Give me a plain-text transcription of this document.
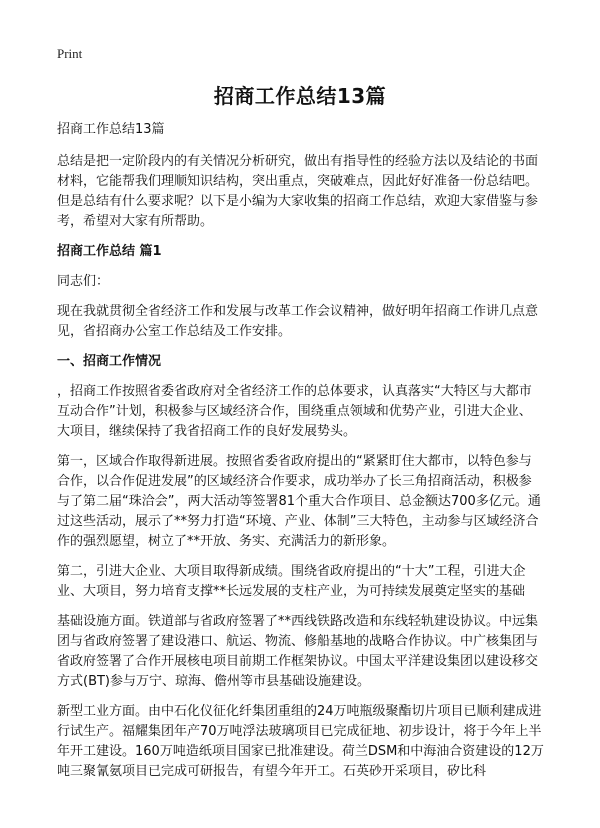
Print
招商工作总结13篇

招商工作总结13篇

总结是把一定阶段内的有关情况分析研究，做出有指导性的经验方法以及结论的书面材料，它能帮我们理顺知识结构，突出重点，突破难点，因此好好准备一份总结吧。但是总结有什么要求呢？以下是小编为大家收集的招商工作总结，欢迎大家借鉴与参考，希望对大家有所帮助。

招商工作总结 篇1

同志们：

现在我就贯彻全省经济工作和发展与改革工作会议精神，做好明年招商工作讲几点意见，省招商办公室工作总结及工作安排。

一、招商工作情况

，招商工作按照省委省政府对全省经济工作的总体要求，认真落实“大特区与大都市互动合作”计划，积极参与区域经济合作，围绕重点领域和优势产业，引进大企业、大项目，继续保持了我省招商工作的良好发展势头。

第一，区域合作取得新进展。按照省委省政府提出的“紧紧盯住大都市，以特色参与合作，以合作促进发展”的区域经济合作要求，成功举办了长三角招商活动，积极参与了第二届“珠洽会”，两大活动等签署81个重大合作项目、总金额达700多亿元。通过这些活动，展示了**努力打造“环境、产业、体制”三大特色，主动参与区域经济合作的强烈愿望，树立了**开放、务实、充满活力的新形象。

第二，引进大企业、大项目取得新成绩。围绕省政府提出的“十大”工程，引进大企业、大项目，努力培育支撑**长远发展的支柱产业，为可持续发展奠定坚实的基础

基础设施方面。铁道部与省政府签署了**西线铁路改造和东线轻轨建设协议。中远集团与省政府签署了建设港口、航运、物流、修船基地的战略合作协议。中广核集团与省政府签署了合作开展核电项目前期工作框架协议。中国太平洋建设集团以建设移交方式(BT)参与万宁、琼海、儋州等市县基础设施建设。

新型工业方面。由中石化仪征化纤集团重组的24万吨瓶级聚酯切片项目已顺利建成进行试生产。福耀集团年产70万吨浮法玻璃项目已完成征地、初步设计，将于今年上半年开工建设。160万吨造纸项目国家已批准建设。荷兰DSM和中海油合资建设的12万吨三聚氰氨项目已完成可研报告，有望今年开工。石英砂开采项目，矽比科
